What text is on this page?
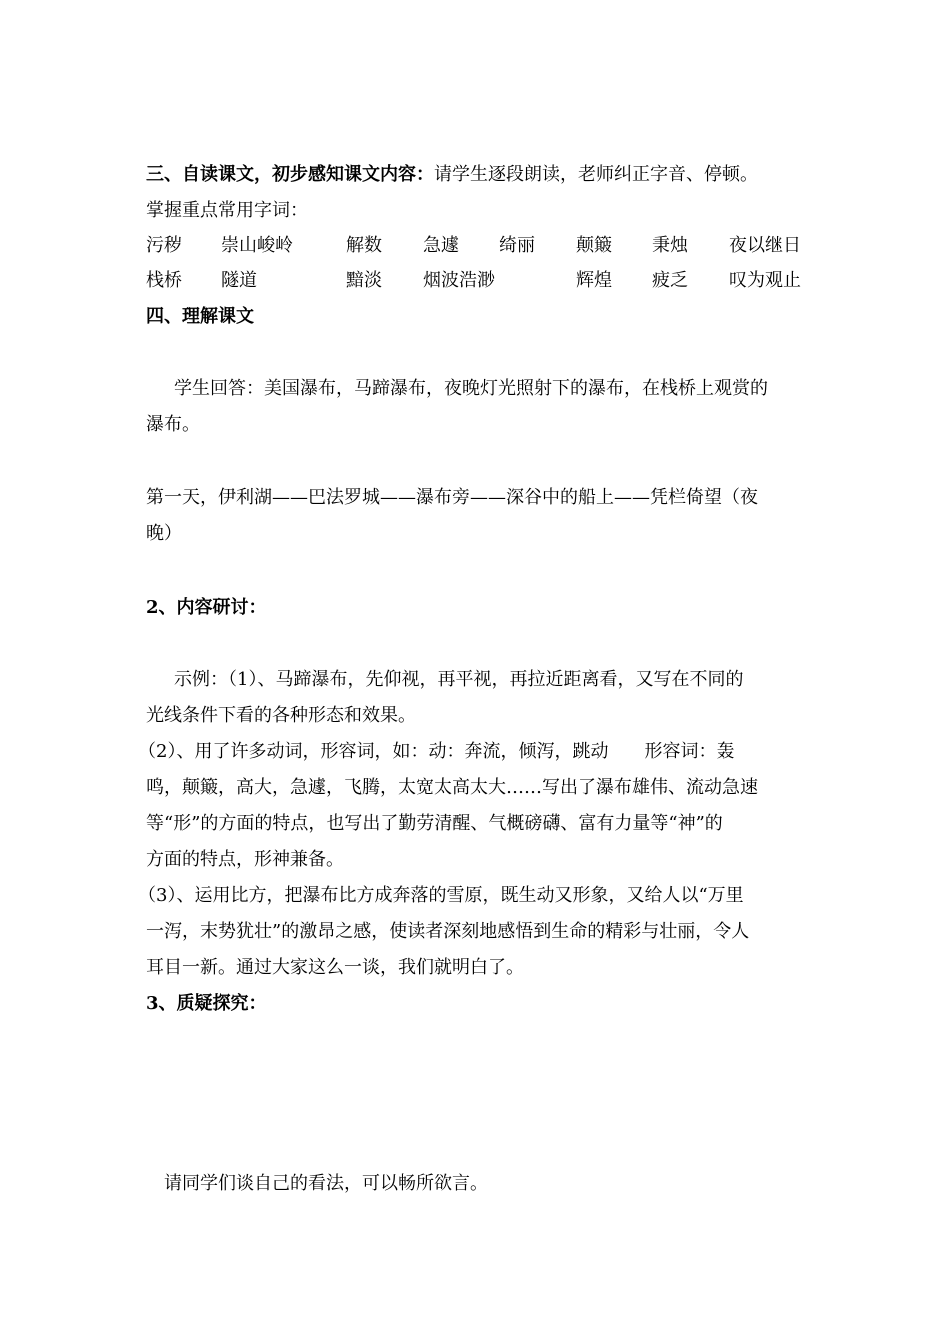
三、自读课文，初步感知课文内容：请学生逐段朗读，老师纠正字音、停顿。
掌握重点常用字词：
污秽 崇山峻岭	解数 急遽 绮丽 颠簸 秉烛 夜以继日
栈桥 隧道	黯淡 烟波浩渺	辉煌 疲乏 叹为观止
四、理解课文
学生回答：美国瀑布，马蹄瀑布，夜晚灯光照射下的瀑布，在栈桥上观赏的
瀑布。
第一天，伊利湖——巴法罗城——瀑布旁——深谷中的船上——凭栏倚望（夜
晚）
2、内容研讨：
示例：（1）、马蹄瀑布，先仰视，再平视，再拉近距离看，又写在不同的
光线条件下看的各种形态和效果。
（2）、用了许多动词，形容词，如：动：奔流，倾泻，跳动　　形容词：轰
鸣，颠簸，高大，急遽，飞腾，太宽太高太大……写出了瀑布雄伟、流动急速
等“形”的方面的特点，也写出了勤劳清醒、气概磅礴、富有力量等“神”的
方面的特点，形神兼备。
（3）、运用比方，把瀑布比方成奔落的雪原，既生动又形象，又给人以“万里
一泻，末势犹壮”的激昂之感，使读者深刻地感悟到生命的精彩与壮丽，令人
耳目一新。通过大家这么一谈，我们就明白了。
3、质疑探究：
请同学们谈自己的看法，可以畅所欲言。
